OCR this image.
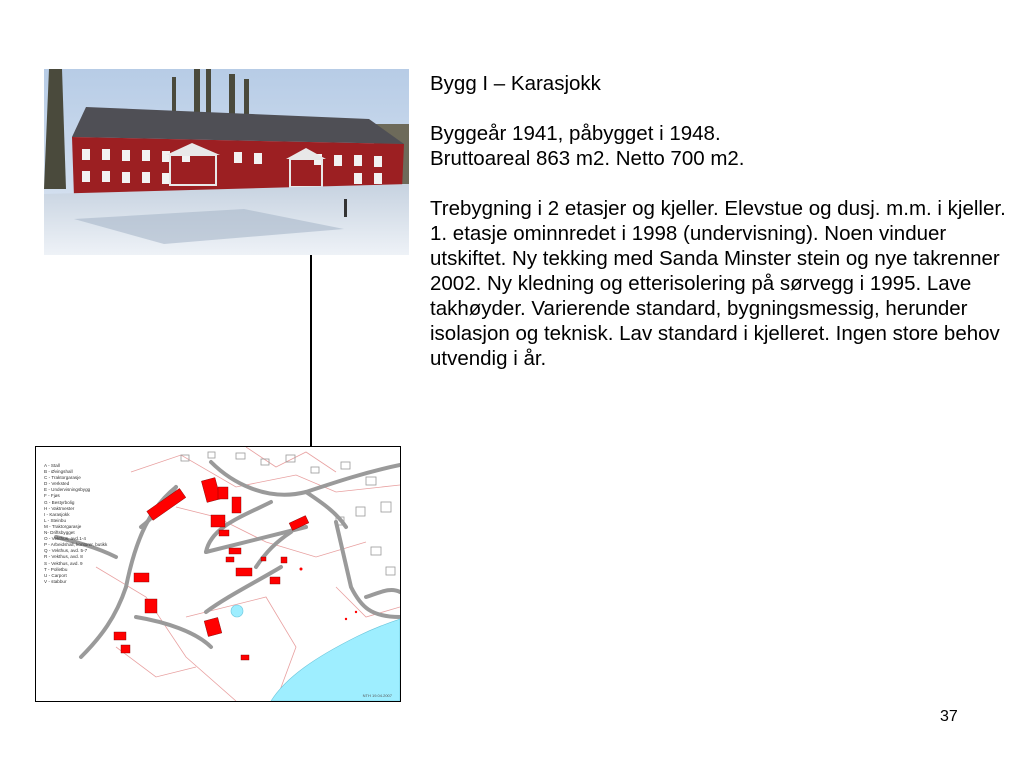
A - Stall
B - Øvingshall
C - Traktorgarasje
D - Verksted
E - Undervisningsbygg
F - Fjøs
G - Bestyrbolig
H - Vaktmester
I - Karasjokk
L - Steinbu
M - Traktorgarasje
N- Driftsbygget
O - Vekthus, avd.1-4
P - Arbeidshall, kontorer, butikk
Q - Vekthus, avd. 5-7
R - Vekthus, avd. 8
S - Vekthus, avd. 9
T - Polletbu
U - Carport
V - stabbur
NTH 19.04.2007

Bygg I – Karasjokk

Byggeår 1941, påbygget i 1948.

Bruttoareal 863 m2. Netto 700 m2.

Trebygning i 2 etasjer og kjeller. Elevstue og dusj. m.m. i kjeller. 1. etasje ominnredet i 1998 (undervisning). Noen vinduer utskiftet. Ny tekking med Sanda Minster stein og nye takrenner 2002. Ny kledning og etterisolering på sørvegg i 1995. Lave takhøyder. Varierende standard, bygningsmessig, herunder isolasjon og teknisk. Lav standard i kjelleret. Ingen store behov utvendig i år.

37
